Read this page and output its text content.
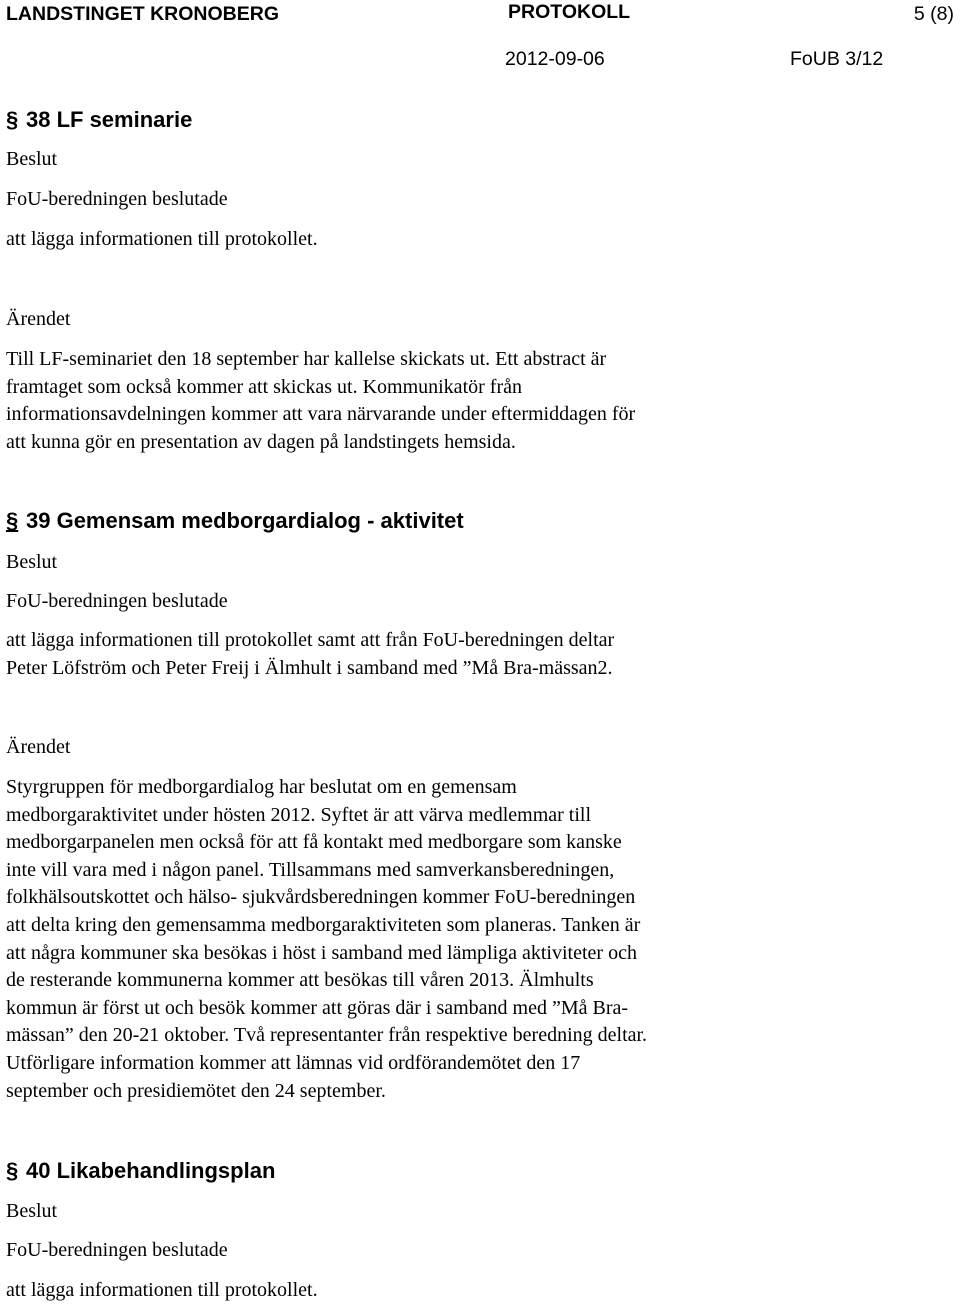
LANDSTINGET KRONOBERG	PROTOKOLL	5 (8)
2012-09-06	FoUB 3/12
§ 38 LF seminarie
Beslut
FoU-beredningen beslutade
att lägga informationen till protokollet.
Ärendet
Till LF-seminariet den 18 september har kallelse skickats ut. Ett abstract är
framtaget som också kommer att skickas ut. Kommunikatör från
informationsavdelningen kommer att vara närvarande under eftermiddagen för
att kunna gör en presentation av dagen på landstingets hemsida.
§ 39 Gemensam medborgardialog - aktivitet
Beslut
FoU-beredningen beslutade
att lägga informationen till protokollet samt att från FoU-beredningen deltar
Peter Löfström och Peter Freij i Älmhult i samband med ”Må Bra-mässan2.
Ärendet
Styrgruppen för medborgardialog har beslutat om en gemensam
medborgaraktivitet under hösten 2012. Syftet är att värva medlemmar till
medborgarpanelen men också för att få kontakt med medborgare som kanske
inte vill vara med i någon panel. Tillsammans med samverkansberedningen,
folkhälsoutskottet och hälso- sjukvårdsberedningen kommer FoU-beredningen
att delta kring den gemensamma medborgaraktiviteten som planeras. Tanken är
att några kommuner ska besökas i höst i samband med lämpliga aktiviteter och
de resterande kommunerna kommer att besökas till våren 2013. Älmhults
kommun är först ut och besök kommer att göras där i samband med ”Må Bra-
mässan” den 20-21 oktober. Två representanter från respektive beredning deltar.
Utförligare information kommer att lämnas vid ordförandemötet den 17
september och presidiemötet den 24 september.
§ 40 Likabehandlingsplan
Beslut
FoU-beredningen beslutade
att lägga informationen till protokollet.
